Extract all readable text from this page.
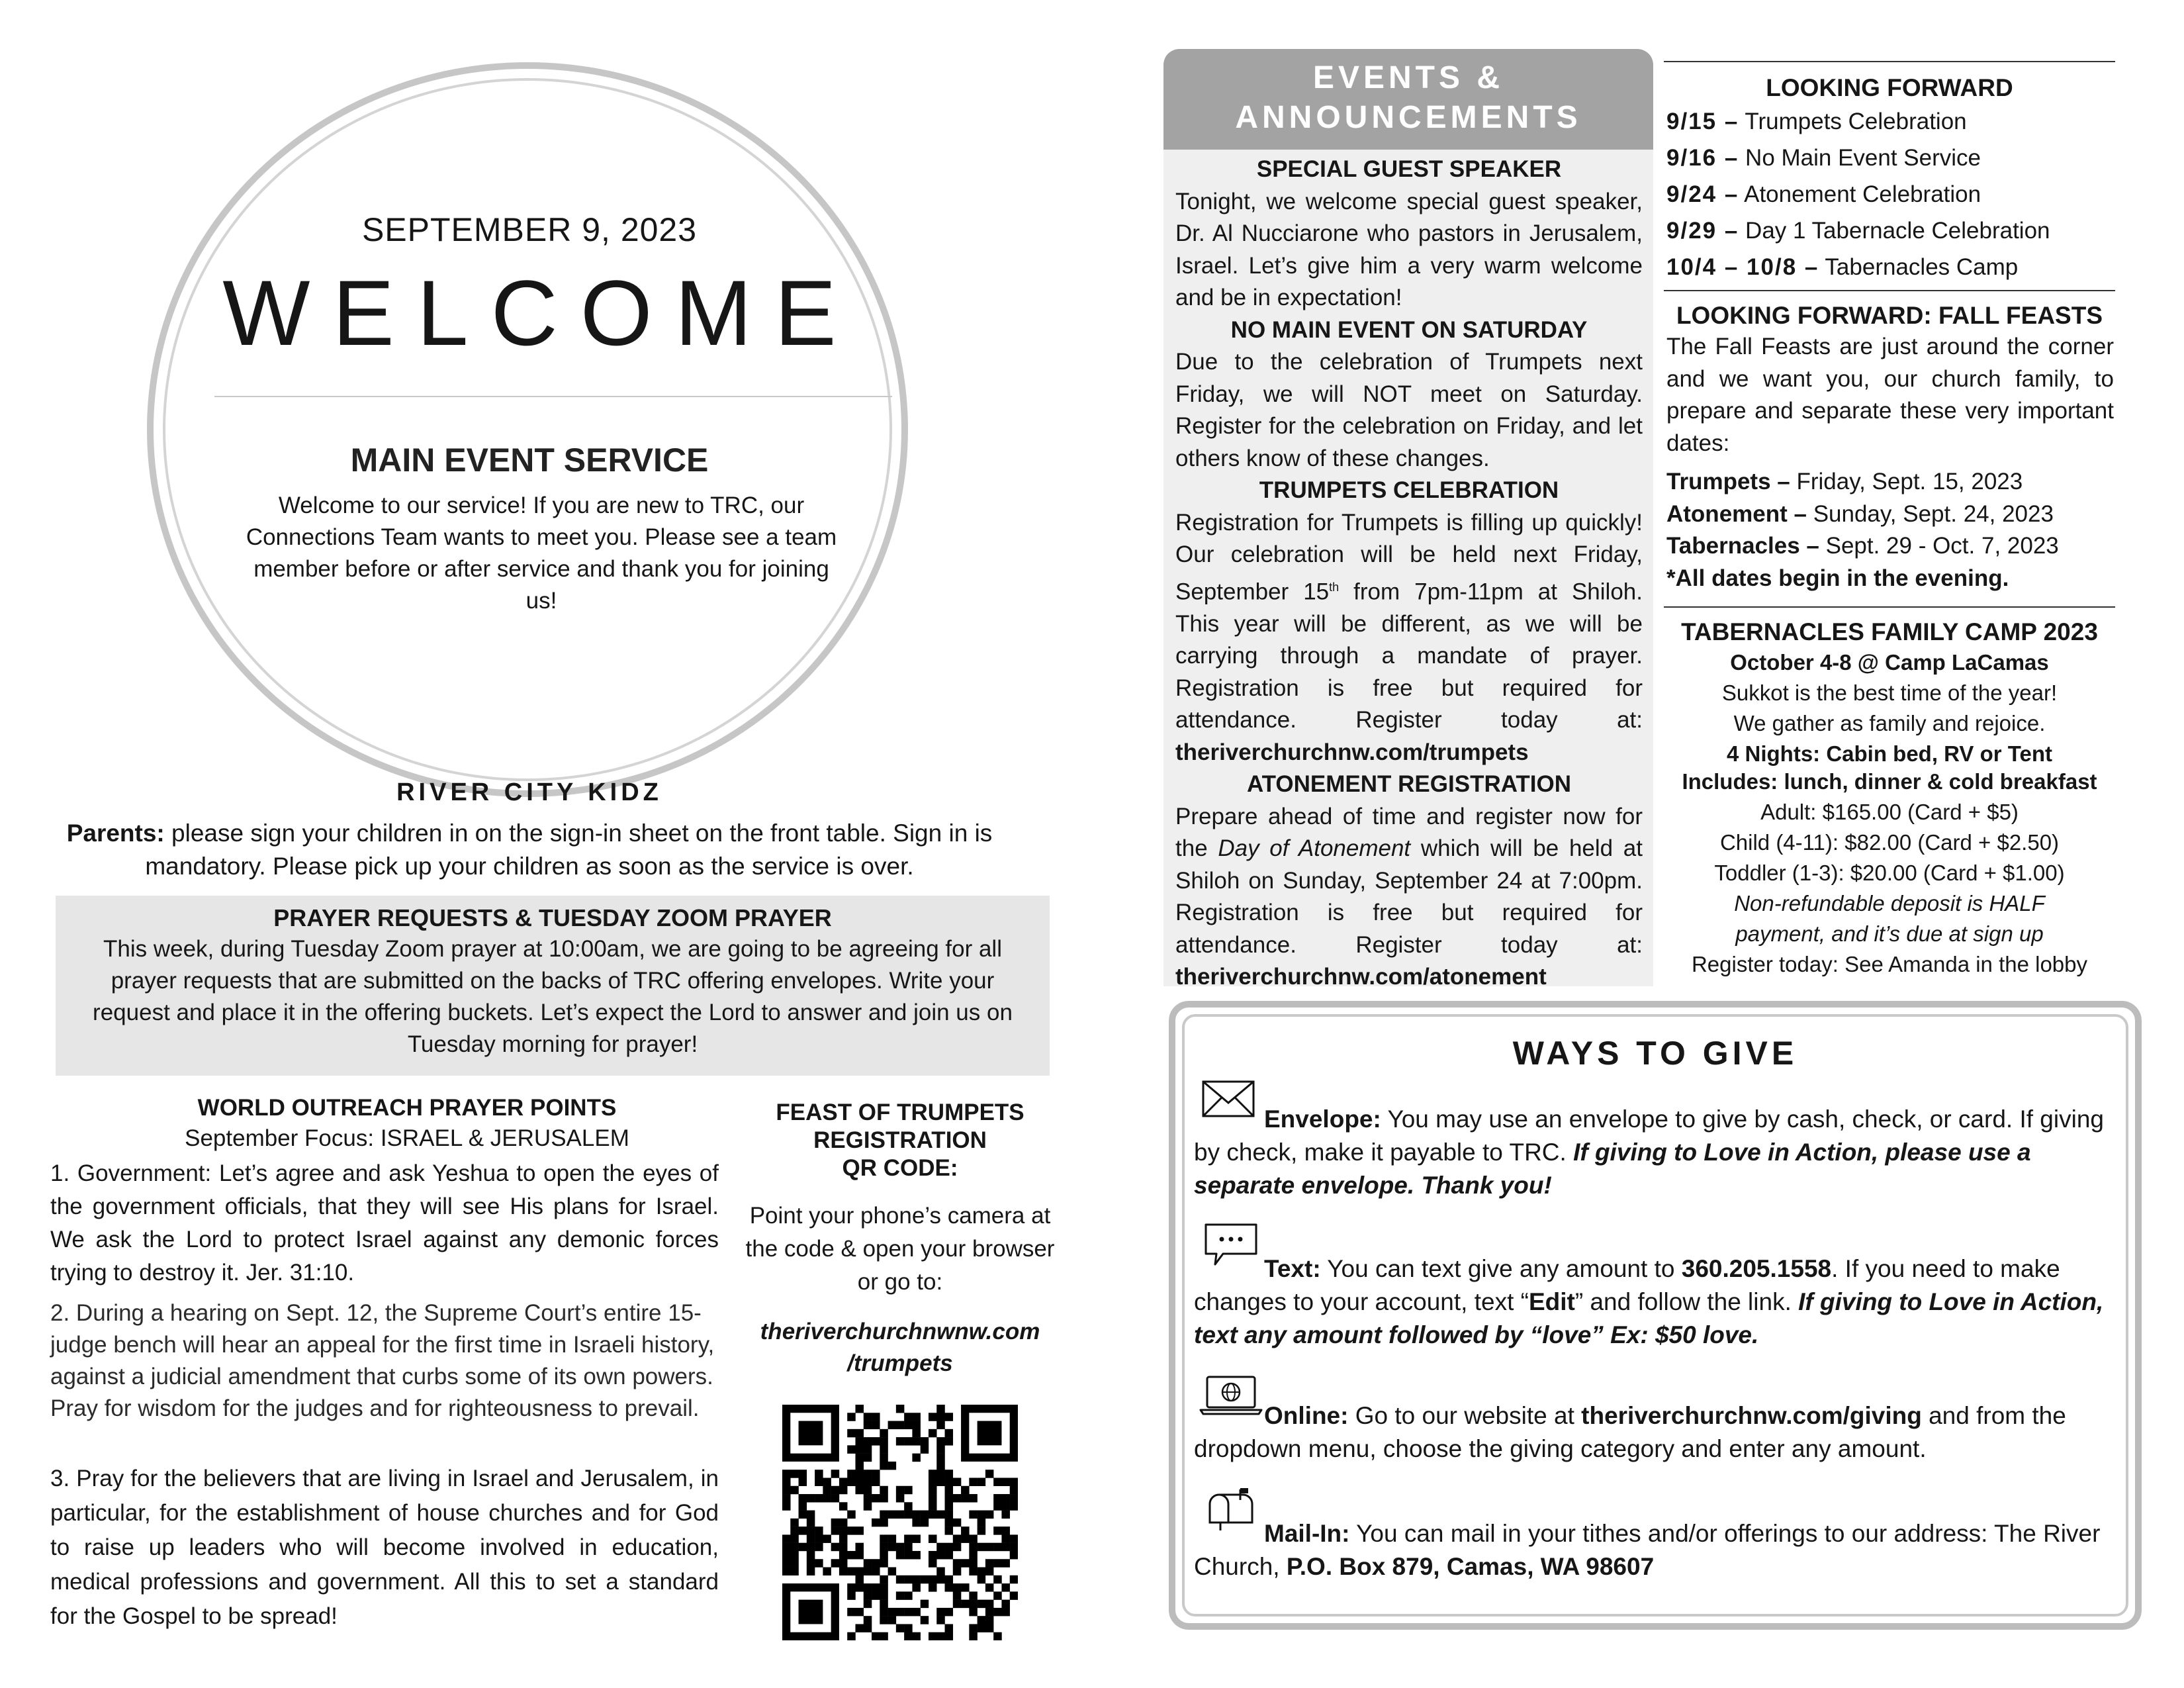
SEPTEMBER 9, 2023
WELCOME
MAIN EVENT SERVICE
Welcome to our service! If you are new to TRC, our Connections Team wants to meet you. Please see a team member before or after service and thank you for joining us!
RIVER CITY KIDZ

Parents: please sign your children in on the sign-in sheet on the front table. Sign in is mandatory. Please pick up your children as soon as the service is over.

PRAYER REQUESTS & TUESDAY ZOOM PRAYER
This week, during Tuesday Zoom prayer at 10:00am, we are going to be agreeing for all prayer requests that are submitted on the backs of TRC offering envelopes. Write your request and place it in the offering buckets. Let’s expect the Lord to answer and join us on Tuesday morning for prayer!
WORLD OUTREACH PRAYER POINTS
September Focus: ISRAEL & JERUSALEM
1. Government: Let’s agree and ask Yeshua to open the eyes of the government officials, that they will see His plans for Israel. We ask the Lord to protect Israel against any demonic forces trying to destroy it. Jer. 31:10.
2. During a hearing on Sept. 12, the Supreme Court’s entire 15-judge bench will hear an appeal for the first time in Israeli history, against a judicial amendment that curbs some of its own powers. Pray for wisdom for the judges and for righteousness to prevail.
3. Pray for the believers that are living in Israel and Jerusalem, in particular, for the establishment of house churches and for God to raise up leaders who will become involved in education, medical professions and government. All this to set a standard for the Gospel to be spread!
FEAST OF TRUMPETS
REGISTRATION
QR CODE:
Point your phone’s camera at the code & open your browser or go to:
theriverchurchnwnw.com
/trumpets
EVENTS &
ANNOUNCEMENTS
SPECIAL GUEST SPEAKER
Tonight, we welcome special guest speaker, Dr. Al Nucciarone who pastors in Jerusalem, Israel. Let’s give him a very warm welcome and be in expectation!
NO MAIN EVENT ON SATURDAY
Due to the celebration of Trumpets next Friday, we will NOT meet on Saturday. Register for the celebration on Friday, and let others know of these changes.
TRUMPETS CELEBRATION
Registration for Trumpets is filling up quickly! Our celebration will be held next Friday, September 15th from 7pm-11pm at Shiloh. This year will be different, as we will be carrying through a mandate of prayer. Registration is free but required for attendance. Register today at: theriverchurchnw.com/trumpets
ATONEMENT REGISTRATION
Prepare ahead of time and register now for the Day of Atonement which will be held at Shiloh on Sunday, September 24 at 7:00pm. Registration is free but required for attendance. Register today at: theriverchurchnw.com/atonement
LOOKING FORWARD
9/15 – Trumpets Celebration
9/16 – No Main Event Service
9/24 – Atonement Celebration
9/29 – Day 1 Tabernacle Celebration
10/4 – 10/8 – Tabernacles Camp
LOOKING FORWARD: FALL FEASTS
The Fall Feasts are just around the corner and we want you, our church family, to prepare and separate these very important dates:
Trumpets – Friday, Sept. 15, 2023
Atonement – Sunday, Sept. 24, 2023
Tabernacles – Sept. 29 - Oct. 7, 2023
*All dates begin in the evening.
TABERNACLES FAMILY CAMP 2023
October 4-8 @ Camp LaCamas
Sukkot is the best time of the year!
We gather as family and rejoice.
4 Nights: Cabin bed, RV or Tent
Includes: lunch, dinner & cold breakfast
Adult: $165.00 (Card + $5)
Child (4-11): $82.00 (Card + $2.50)
Toddler (1-3): $20.00 (Card + $1.00)
Non-refundable deposit is HALF
payment, and it’s due at sign up
Register today: See Amanda in the lobby
WAYS TO GIVE

Envelope: You may use an envelope to give by cash, check, or card. If giving by check, make it payable to TRC. If giving to Love in Action, please use a separate envelope. Thank you!

Text: You can text give any amount to 360.205.1558. If you need to make changes to your account, text “Edit” and follow the link. If giving to Love in Action, text any amount followed by “love” Ex: $50 love.

Online: Go to our website at theriverchurchnw.com/giving and from the dropdown menu, choose the giving category and enter any amount.

Mail-In: You can mail in your tithes and/or offerings to our address: The River Church, P.O. Box 879, Camas, WA 98607
